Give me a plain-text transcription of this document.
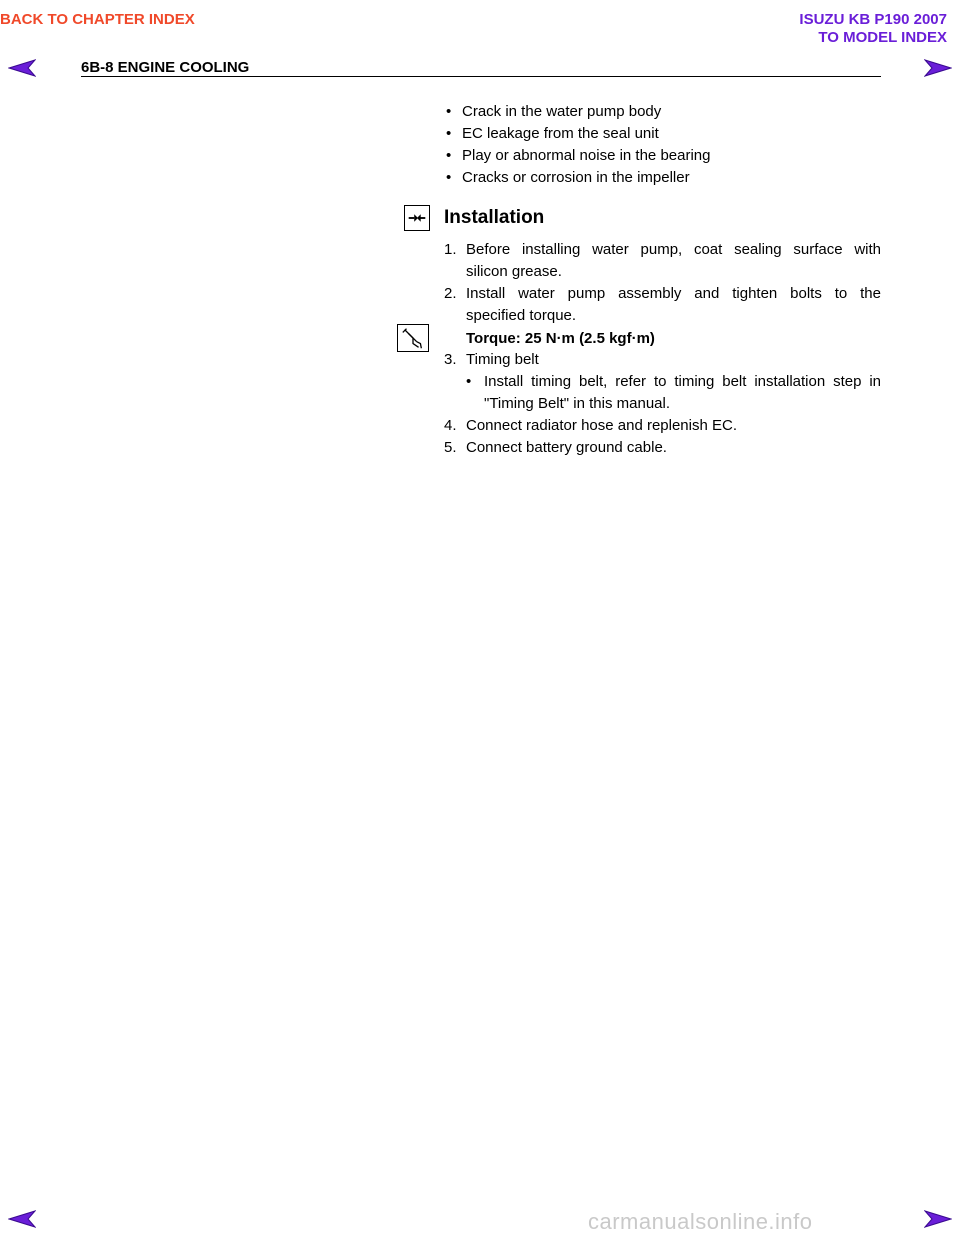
BACK TO CHAPTER INDEX	ISUZU KB P190 2007
TO MODEL INDEX
6B-8 ENGINE COOLING
• Crack in the water pump body
• EC leakage from the seal unit
• Play or abnormal noise in the bearing
• Cracks or corrosion in the impeller
Installation
1. Before installing water pump, coat sealing surface with
silicon grease.
2. Install water pump assembly and tighten bolts to the
specified torque.
Torque: 25 N·m (2.5 kgf·m)
3. Timing belt
• Install timing belt, refer to timing belt installation step in
"Timing Belt" in this manual.
4. Connect radiator hose and replenish EC.
5. Connect battery ground cable.
carmanualsonline.info
